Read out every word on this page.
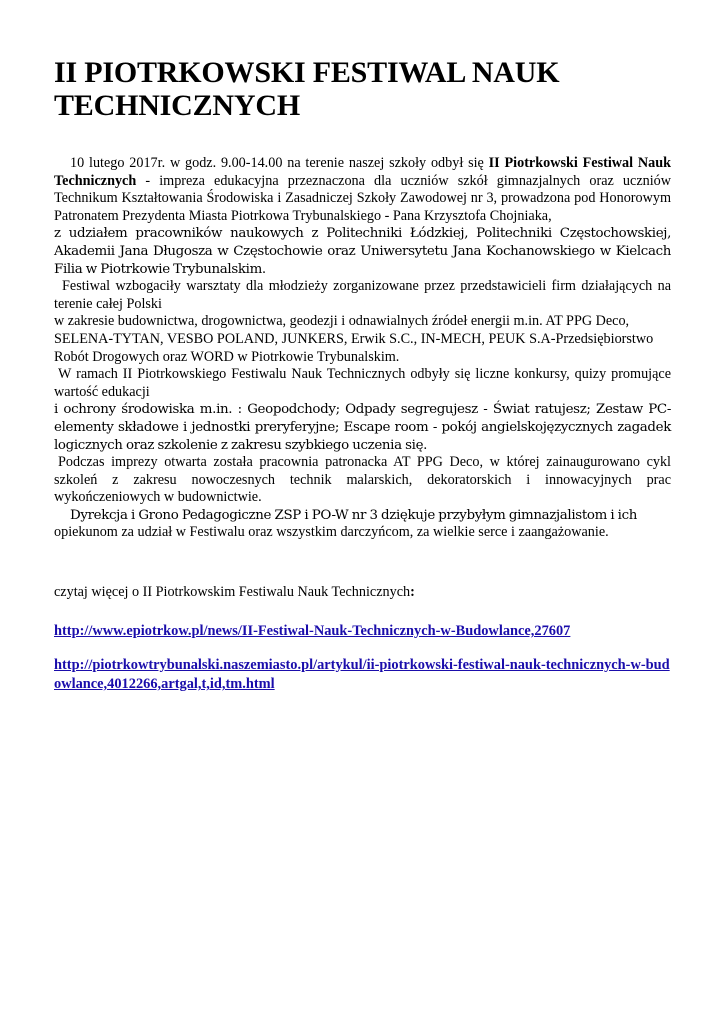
II PIOTRKOWSKI FESTIWAL NAUK TECHNICZNYCH
10 lutego 2017r. w godz. 9.00-14.00 na terenie naszej szkoły odbył się II Piotrkowski Festiwal Nauk Technicznych - impreza edukacyjna przeznaczona dla uczniów szkół gimnazjalnych oraz uczniów Technikum Kształtowania Środowiska i Zasadniczej Szkoły Zawodowej nr 3, prowadzona pod Honorowym Patronatem Prezydenta Miasta Piotrkowa Trybunalskiego - Pana Krzysztofa Chojniaka,
z udziałem pracowników naukowych z Politechniki Łódzkiej, Politechniki Częstochowskiej, Akademii Jana Długosza w Częstochowie oraz Uniwersytetu Jana Kochanowskiego w Kielcach Filia w Piotrkowie Trybunalskim.
Festiwal wzbogaciły warsztaty dla młodzieży zorganizowane przez przedstawicieli firm działających na terenie całej Polski
w zakresie budownictwa, drogownictwa, geodezji i odnawialnych źródeł energii m.in. AT PPG Deco, SELENA-TYTAN, VESBO POLAND, JUNKERS, Erwik S.C., IN-MECH, PEUK S.A-Przedsiębiorstwo Robót Drogowych oraz WORD w Piotrkowie Trybunalskim.
W ramach II Piotrkowskiego Festiwalu Nauk Technicznych odbyły się liczne konkursy, quizy promujące wartość edukacji
i ochrony środowiska m.in. : Geopodchody; Odpady segregujesz - Świat ratujesz; Zestaw PC-elementy składowe i jednostki preryferyjne; Escape room - pokój angielskojęzycznych zagadek logicznych oraz szkolenie z zakresu szybkiego uczenia się.
Podczas imprezy otwarta została pracownia patronacka AT PPG Deco, w której zainaugurowano cykl szkoleń z zakresu nowoczesnych technik malarskich, dekoratorskich i innowacyjnych prac wykończeniowych w budownictwie.
Dyrekcja i Grono Pedagogiczne ZSP i PO-W nr 3 dziękuje przybyłym gimnazjalistom i ich
opiekunom za udział w Festiwalu oraz wszystkim darczyńcom, za wielkie serce i zaangażowanie.
czytaj więcej o II Piotrkowskim Festiwalu Nauk Technicznych:
http://www.epiotrkow.pl/news/II-Festiwal-Nauk-Technicznych-w-Budowlance,27607
http://piotrkowtrybunalski.naszemiasto.pl/artykul/ii-piotrkowski-festiwal-nauk-technicznych-w-budowlance,4012266,artgal,t,id,tm.html
